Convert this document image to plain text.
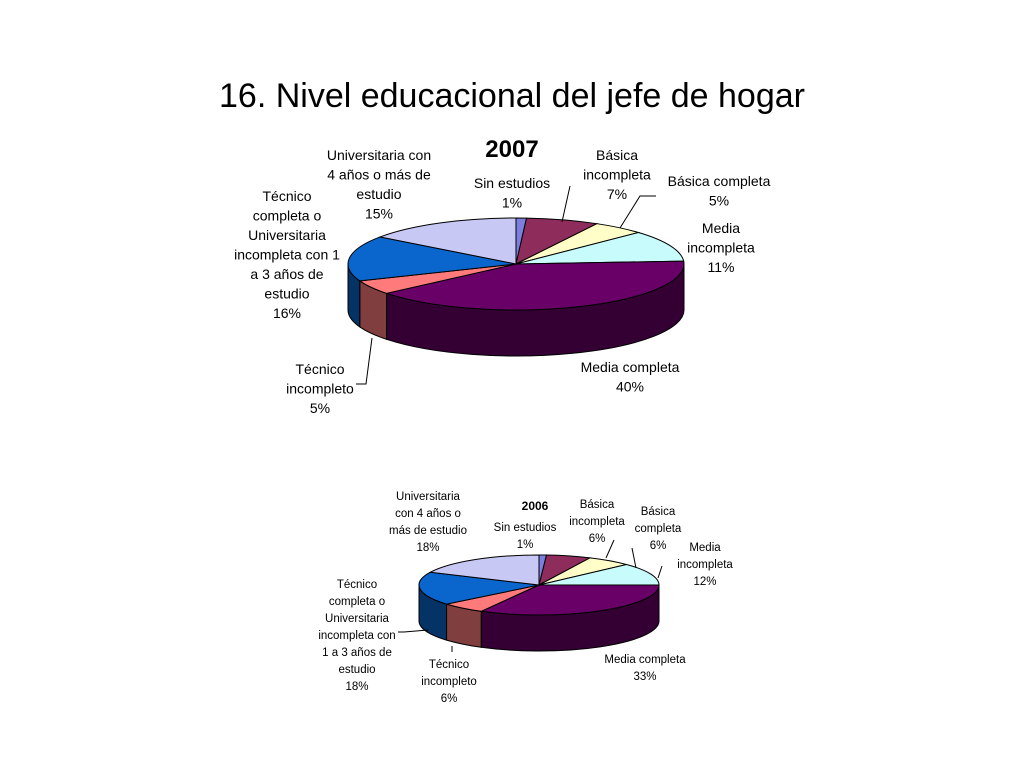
16. Nivel educacional del jefe de hogar
2007
Sin estudios 1%
Básica incompleta 7%
Básica completa 5%
Media incompleta 11%
Media completa 40%
Técnico incompleto 5%
Técnico completa o Universitaria incompleta con 1 a 3 años de estudio 16%
Universitaria con 4 años o más de estudio 15%
2006
Sin estudios 1%
Básica incompleta 6%
Básica completa 6%	Media incompleta 12%
Media completa 33%
Técnico incompleto 6%
Técnico completa o Universitaria incompleta con 1 a 3 años de estudio 18%
Universitaria con 4 años o más de estudio 18%
